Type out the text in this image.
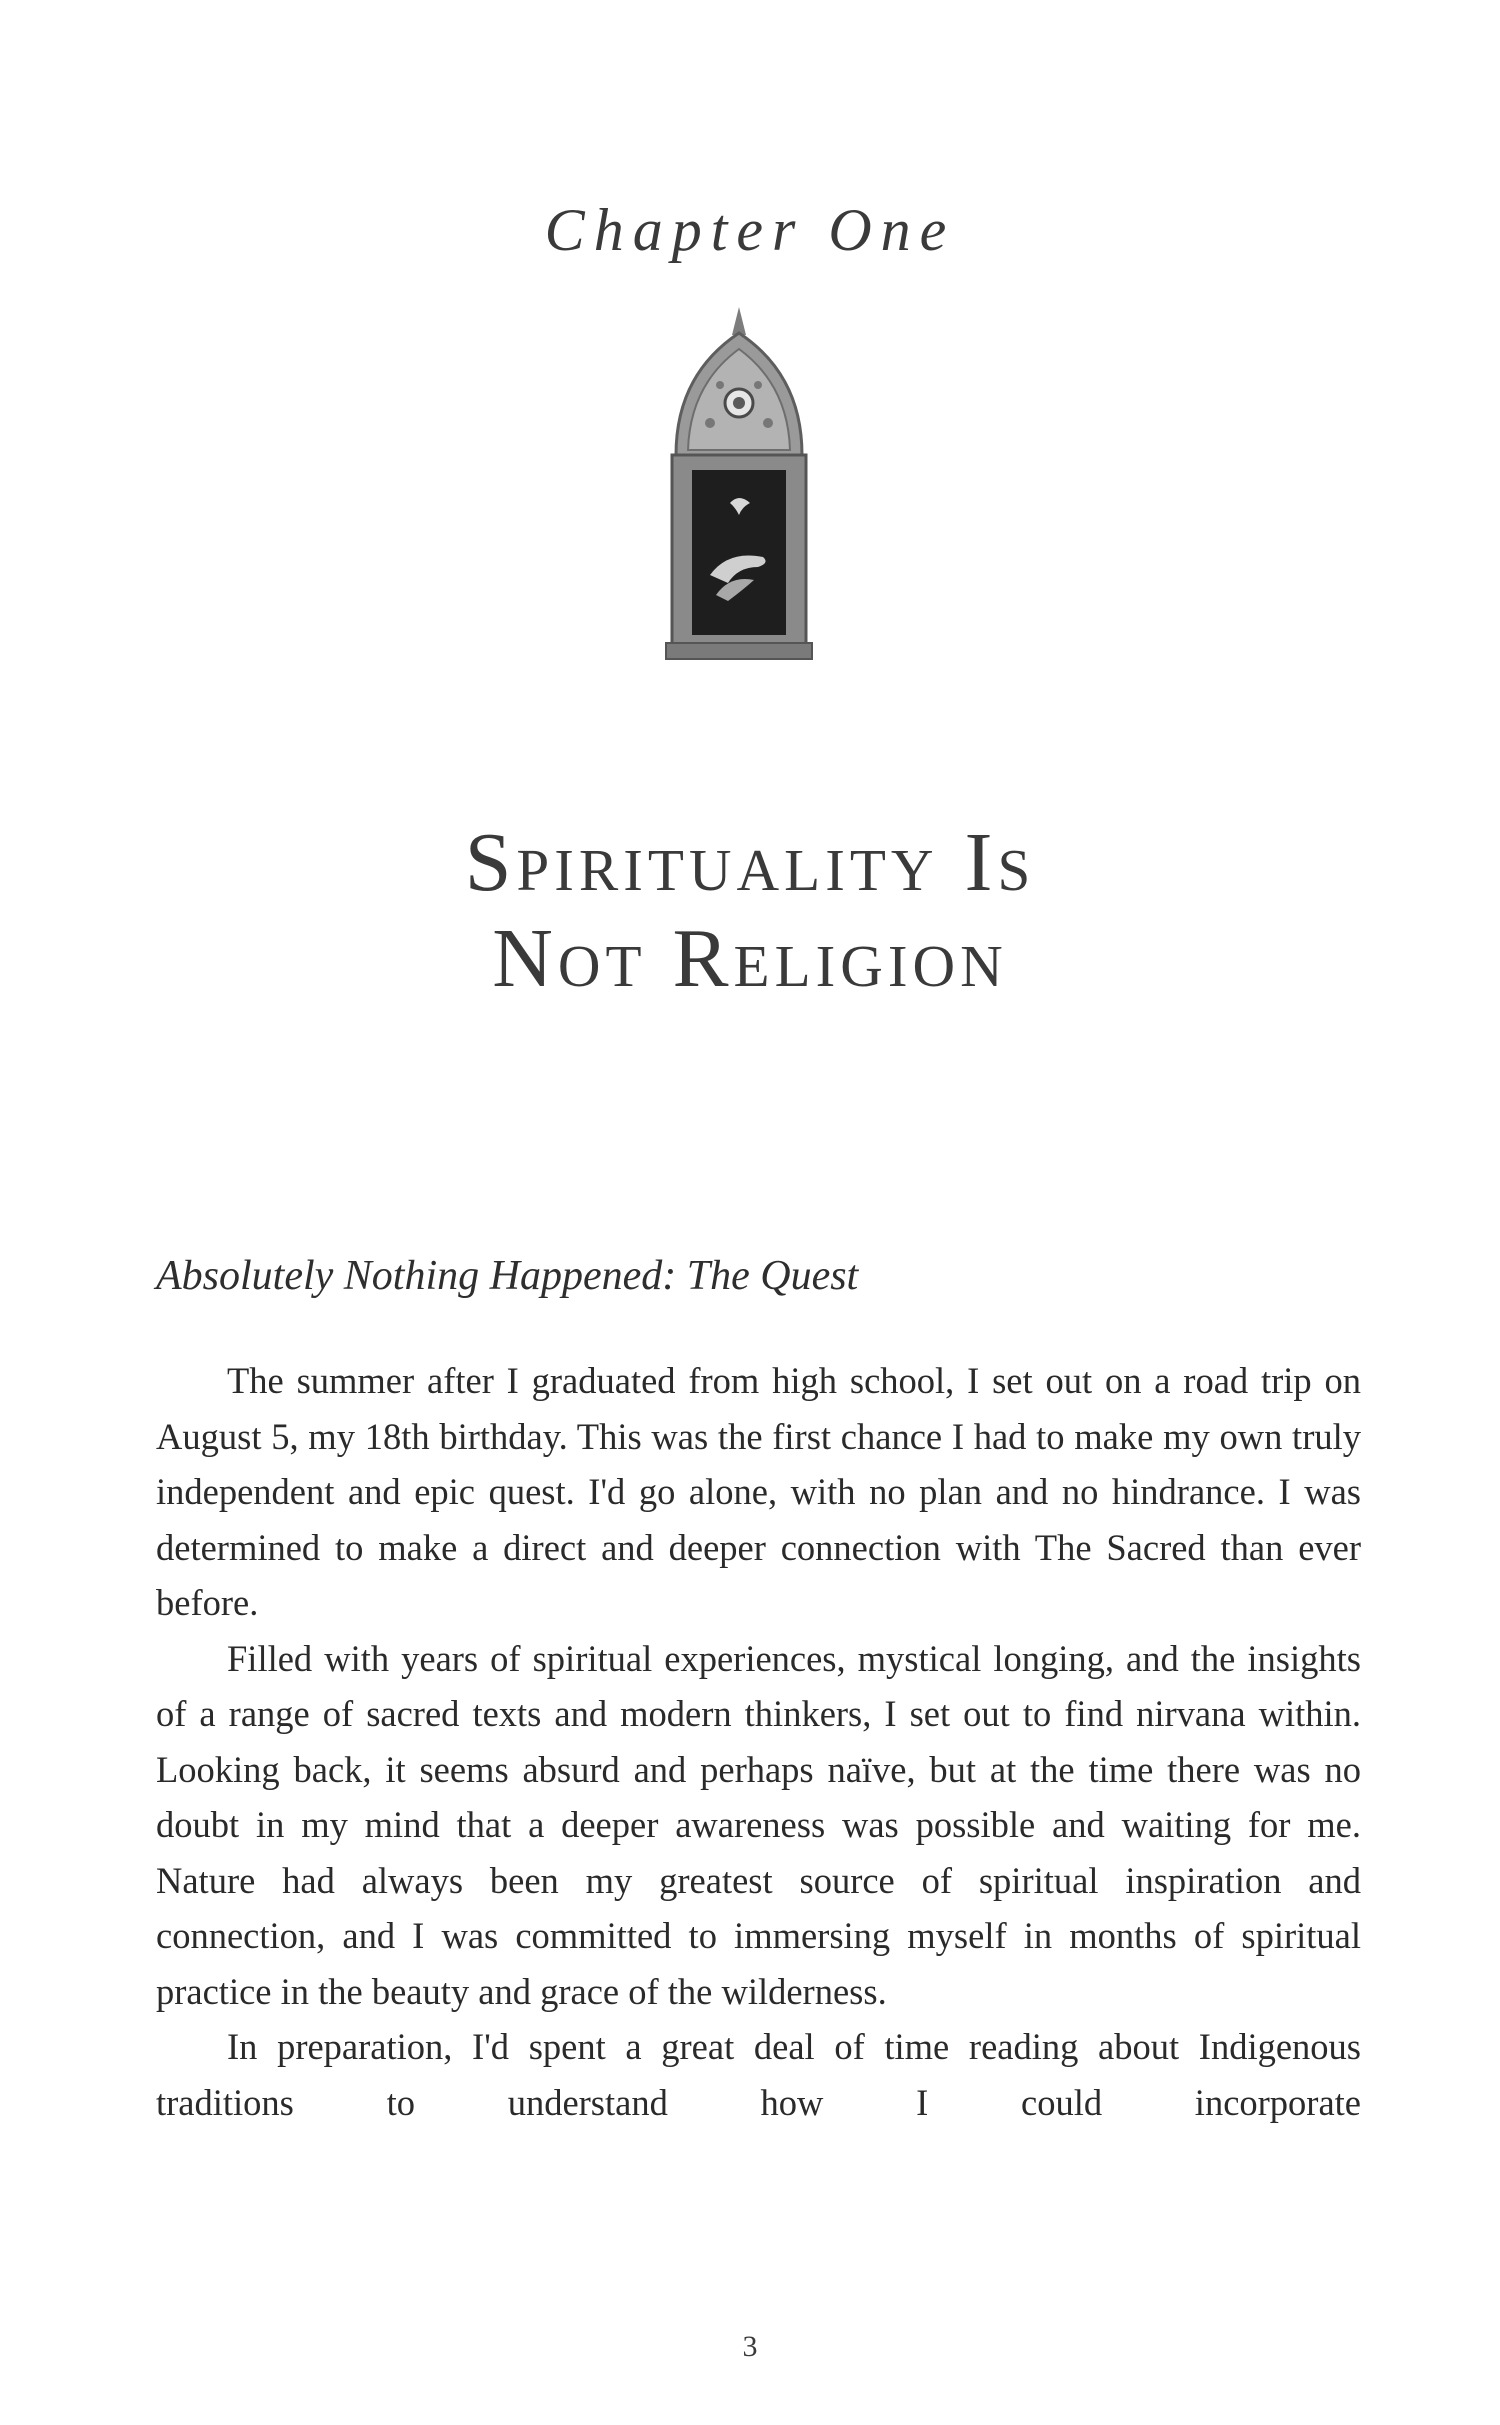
Chapter One
Spirituality Is
Not Religion
Absolutely Nothing Happened: The Quest

The summer after I graduated from high school, I set out on a road trip on August 5, my 18th birthday. This was the first chance I had to make my own truly independent and epic quest. I'd go alone, with no plan and no hindrance. I was determined to make a direct and deeper connection with The Sacred than ever before.

Filled with years of spiritual experiences, mystical longing, and the insights of a range of sacred texts and modern thinkers, I set out to find nirvana within. Looking back, it seems absurd and perhaps naïve, but at the time there was no doubt in my mind that a deeper awareness was possible and waiting for me. Nature had always been my greatest source of spiritual inspiration and connection, and I was committed to immersing myself in months of spiritual practice in the beauty and grace of the wilderness.

In preparation, I'd spent a great deal of time reading about Indigenous traditions to understand how I could incorporate

3
